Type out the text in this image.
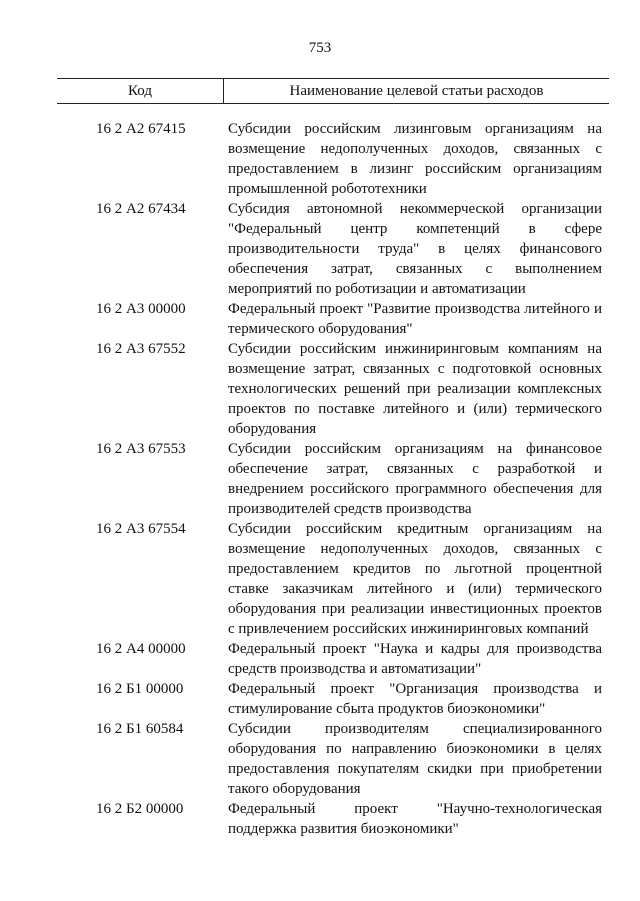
753
Код	Наименование целевой статьи расходов
16 2 А2 67415	Субсидии российским лизинговым организациям на возмещение недополученных доходов, связанных с предоставлением в лизинг российским организациям промышленной робототехники
16 2 А2 67434	Субсидия автономной некоммерческой организации "Федеральный центр компетенций в сфере производительности труда" в целях финансового обеспечения затрат, связанных с выполнением мероприятий по роботизации и автоматизации
16 2 А3 00000	Федеральный проект "Развитие производства литейного и термического оборудования"
16 2 А3 67552	Субсидии российским инжиниринговым компаниям на возмещение затрат, связанных с подготовкой основных технологических решений при реализации комплексных проектов по поставке литейного и (или) термического оборудования
16 2 А3 67553	Субсидии российским организациям на финансовое обеспечение затрат, связанных с разработкой и внедрением российского программного обеспечения для производителей средств производства
16 2 А3 67554	Субсидии российским кредитным организациям на возмещение недополученных доходов, связанных с предоставлением кредитов по льготной процентной ставке заказчикам литейного и (или) термического оборудования при реализации инвестиционных проектов с привлечением российских инжиниринговых компаний
16 2 А4 00000	Федеральный проект "Наука и кадры для производства средств производства и автоматизации"
16 2 Б1 00000	Федеральный проект "Организация производства и стимулирование сбыта продуктов биоэкономики"
16 2 Б1 60584	Субсидии производителям специализированного оборудования по направлению биоэкономики в целях предоставления покупателям скидки при приобретении такого оборудования
16 2 Б2 00000	Федеральный проект "Научно-технологическая поддержка развития биоэкономики"
